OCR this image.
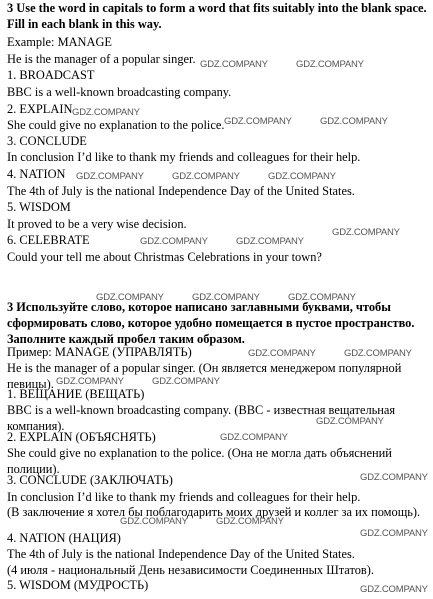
3 Use the word in capitals to form a word that fits suitably into the blank space. Fill in each blank in this way.
Example: MANAGE
He is the manager of a popular singer.
1. BROADCAST
BBC is a well-known broadcasting company.
2. EXPLAIN
She could give no explanation to the police.
3. CONCLUDE
In conclusion I’d like to thank my friends and colleagues for their help.
4. NATION
The 4th of July is the national Independence Day of the United States.
5. WISDOM
It proved to be a very wise decision.
6. CELEBRATE
Could your tell me about Christmas Celebrations in your town?
3 Используйте слово, которое написано заглавными буквами, чтобы сформировать слово, которое удобно помещается в пустое пространство. Заполните каждый пробел таким образом.
Пример: MANAGE (УПРАВЛЯТЬ)
He is the manager of a popular singer. (Он является менеджером популярной певицы).
1. ВЕЩАНИЕ (ВЕЩАТЬ)
BBC is a well-known broadcasting company. (BBC - известная вещательная компания).
2. EXPLAIN (ОБЪЯСНЯТЬ)
She could give no explanation to the police. (Она не могла дать объяснений полиции).
3. CONCLUDE (ЗАКЛЮЧАТЬ)
In conclusion I’d like to thank my friends and colleagues for their help.
(В заключение я хотел бы поблагодарить моих друзей и коллег за их помощь).
4. NATION (НАЦИЯ)
The 4th of July is the national Independence Day of the United States.
(4 июля - национальный День независимости Соединенных Штатов).
5. WISDOM (МУДРОСТЬ)
GDZ.COMPANY	GDZ.COMPANY
GDZ.COMPANY
GDZ.COMPANY	GDZ.COMPANY
GDZ.COMPANY	GDZ.COMPANY	GDZ.COMPANY
GDZ.COMPANY
GDZ.COMPANY	GDZ.COMPANY
GDZ.COMPANY	GDZ.COMPANY	GDZ.COMPANY
GDZ.COMPANY	GDZ.COMPANY
GDZ.COMPANY	GDZ.COMPANY
GDZ.COMPANY
GDZ.COMPANY
GDZ.COMPANY
GDZ.COMPANY	GDZ.COMPANY
GDZ.COMPANY
GDZ.COMPANY
